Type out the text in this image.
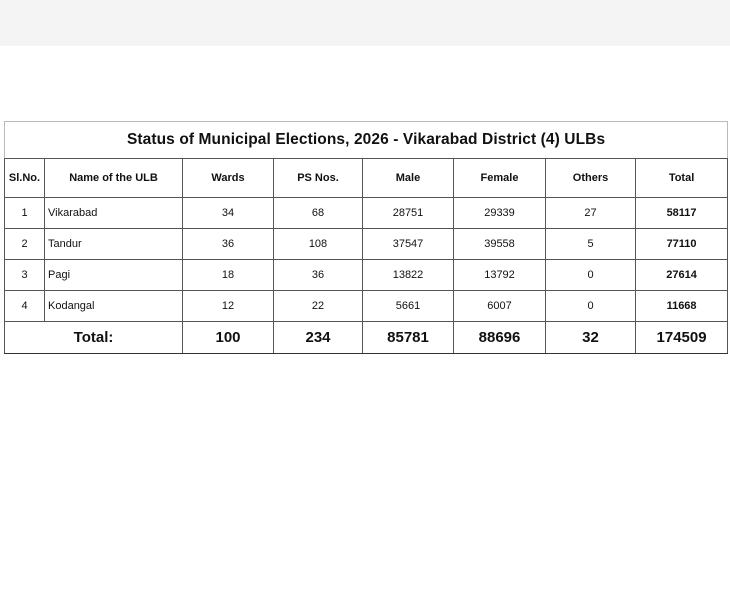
Status of Municipal Elections, 2026 - Vikarabad District (4) ULBs							
Sl.No.	Name of the ULB	Wards	PS Nos.	Male	Female	Others	Total
1	Vikarabad	34	68	28751	29339	27	58117
2	Tandur	36	108	37547	39558	5	77110
3	Pagi	18	36	13822	13792	0	27614
4	Kodangal	12	22	5661	6007	0	11668
Total:		100	234	85781	88696	32	174509
